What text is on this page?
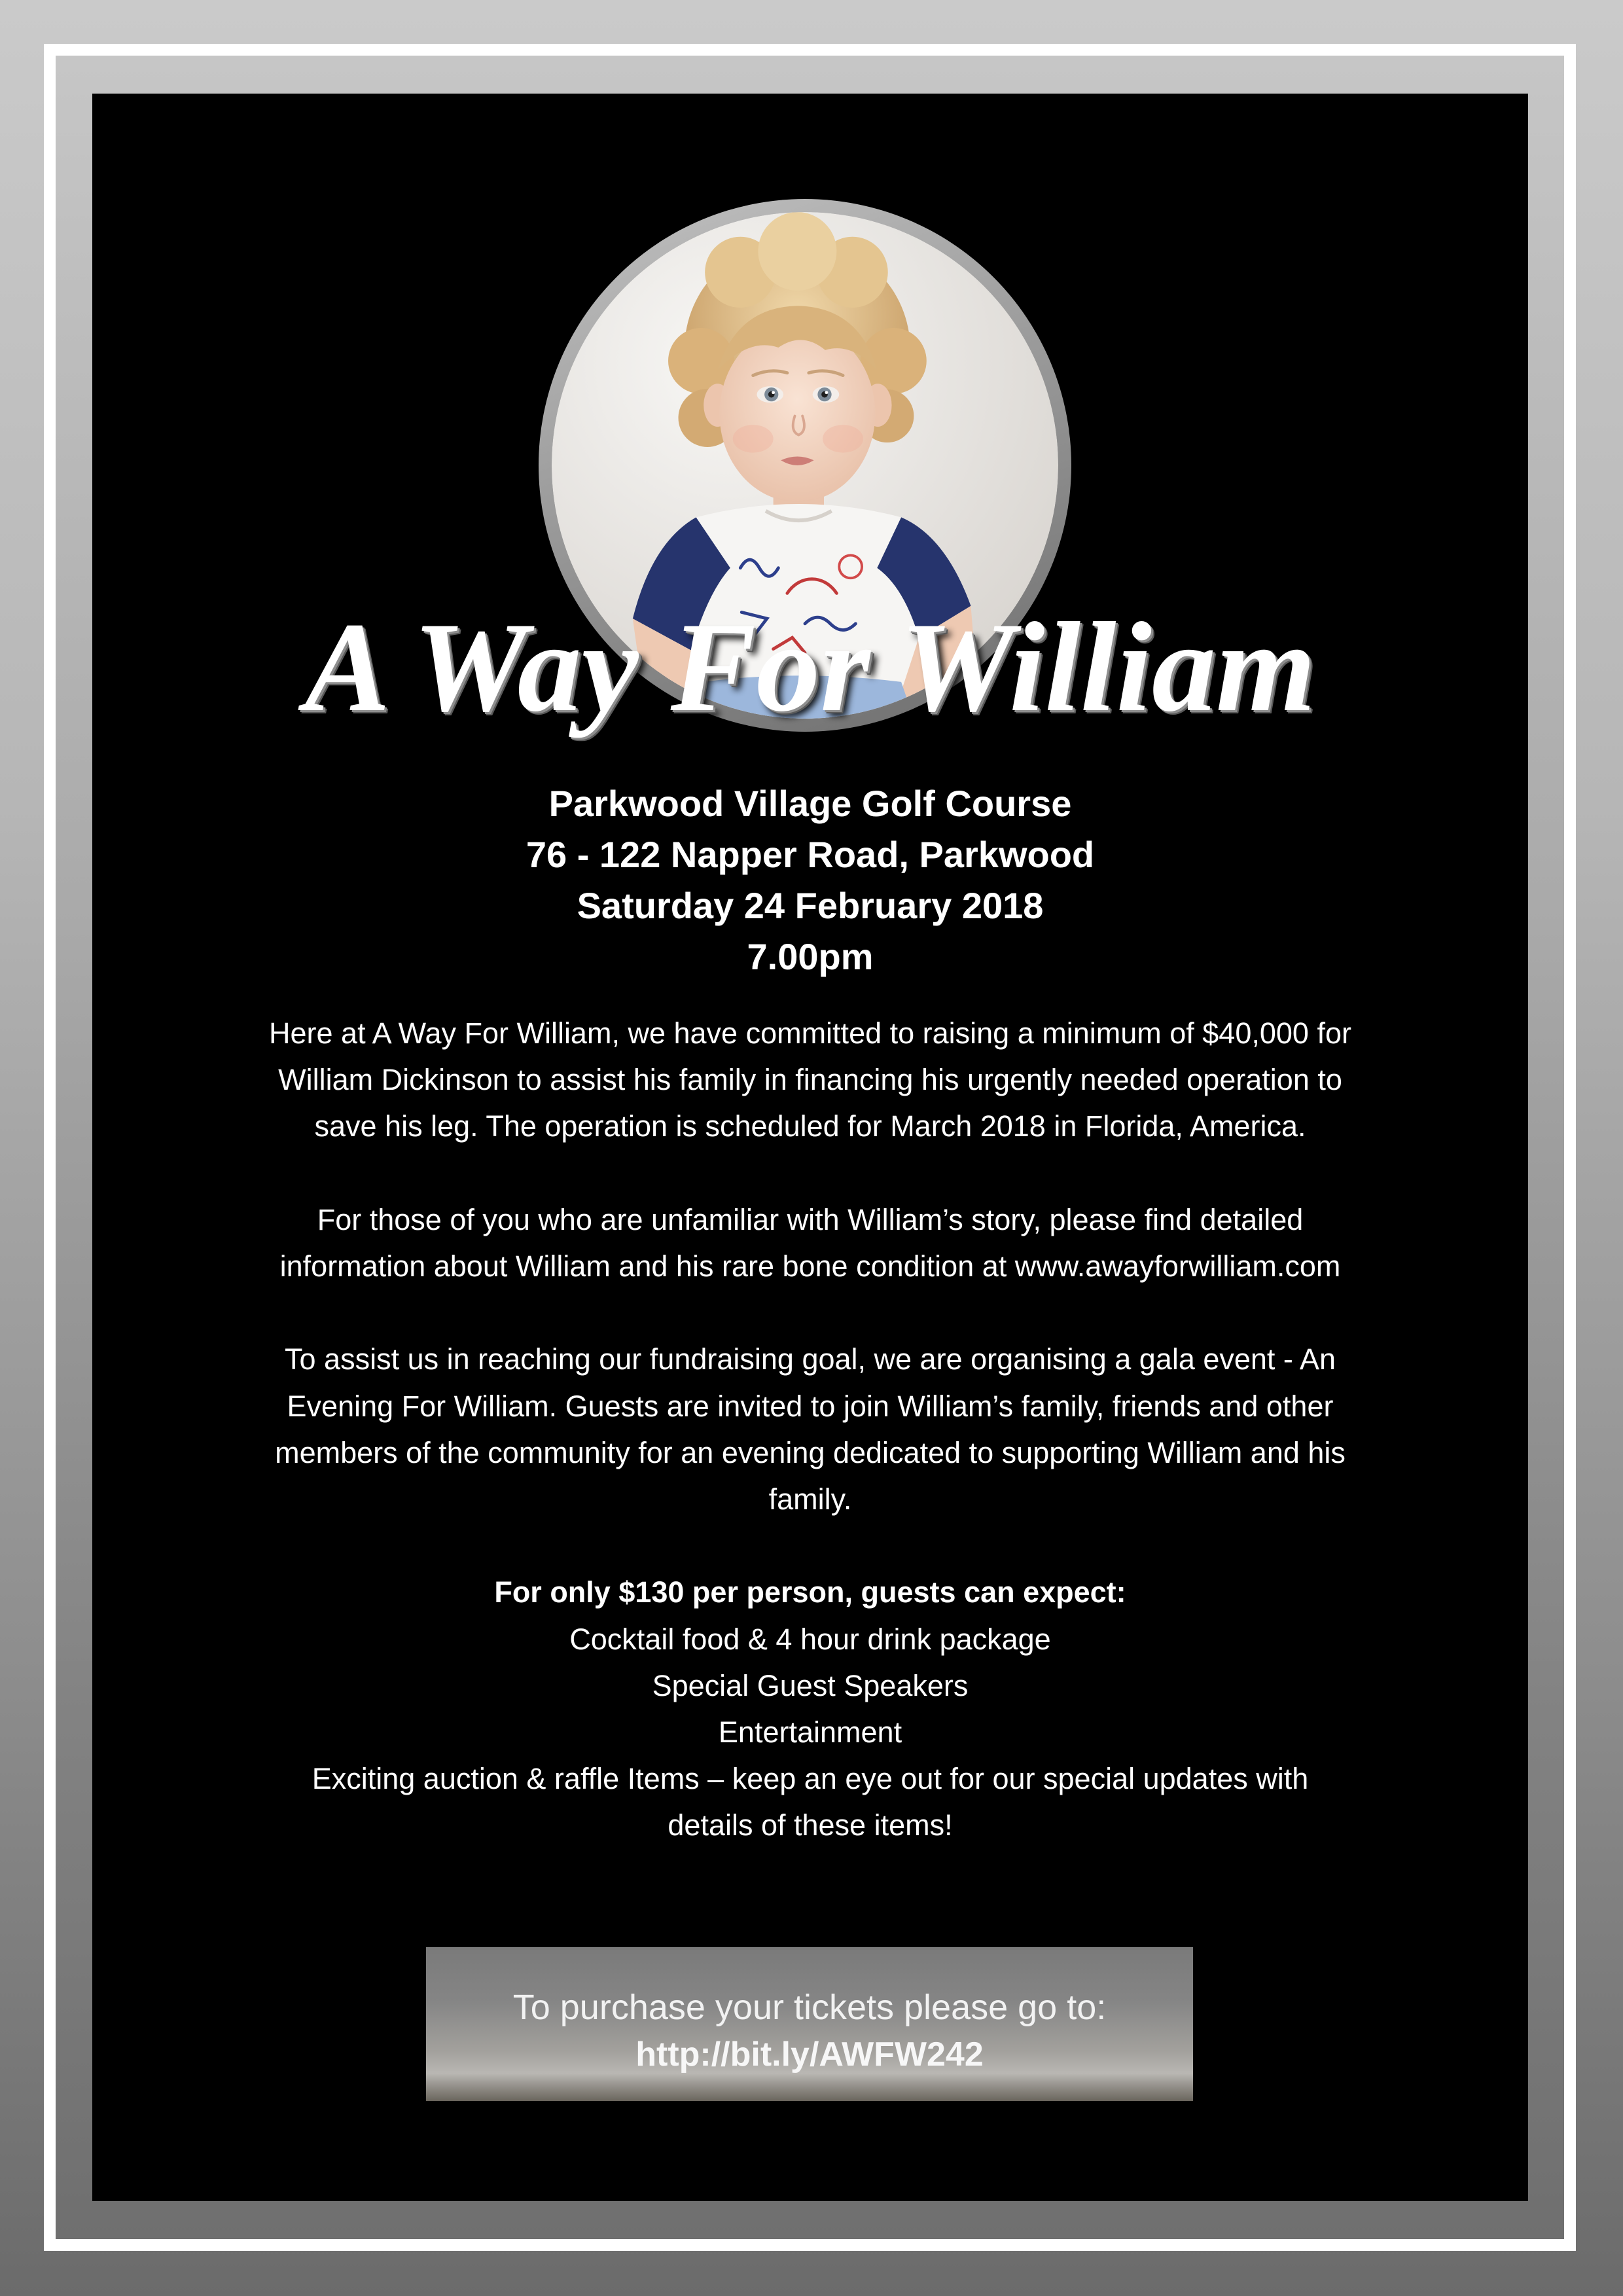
A Way For William
Parkwood Village Golf Course
76 - 122 Napper Road, Parkwood
Saturday 24 February 2018
7.00pm

Here at A Way For William, we have committed to raising a minimum of $40,000 for
William Dickinson to assist his family in financing his urgently needed operation to
save his leg. The operation is scheduled for March 2018 in Florida, America.

For those of you who are unfamiliar with William’s story, please find detailed
information about William and his rare bone condition at www.awayforwilliam.com

To assist us in reaching our fundraising goal, we are organising a gala event - An
Evening For William. Guests are invited to join William’s family, friends and other
members of the community for an evening dedicated to supporting William and his
family.

For only $130 per person, guests can expect:
Cocktail food & 4 hour drink package
Special Guest Speakers
Entertainment
Exciting auction & raffle Items – keep an eye out for our special updates with
details of these items!
To purchase your tickets please go to:
http://bit.ly/AWFW242
